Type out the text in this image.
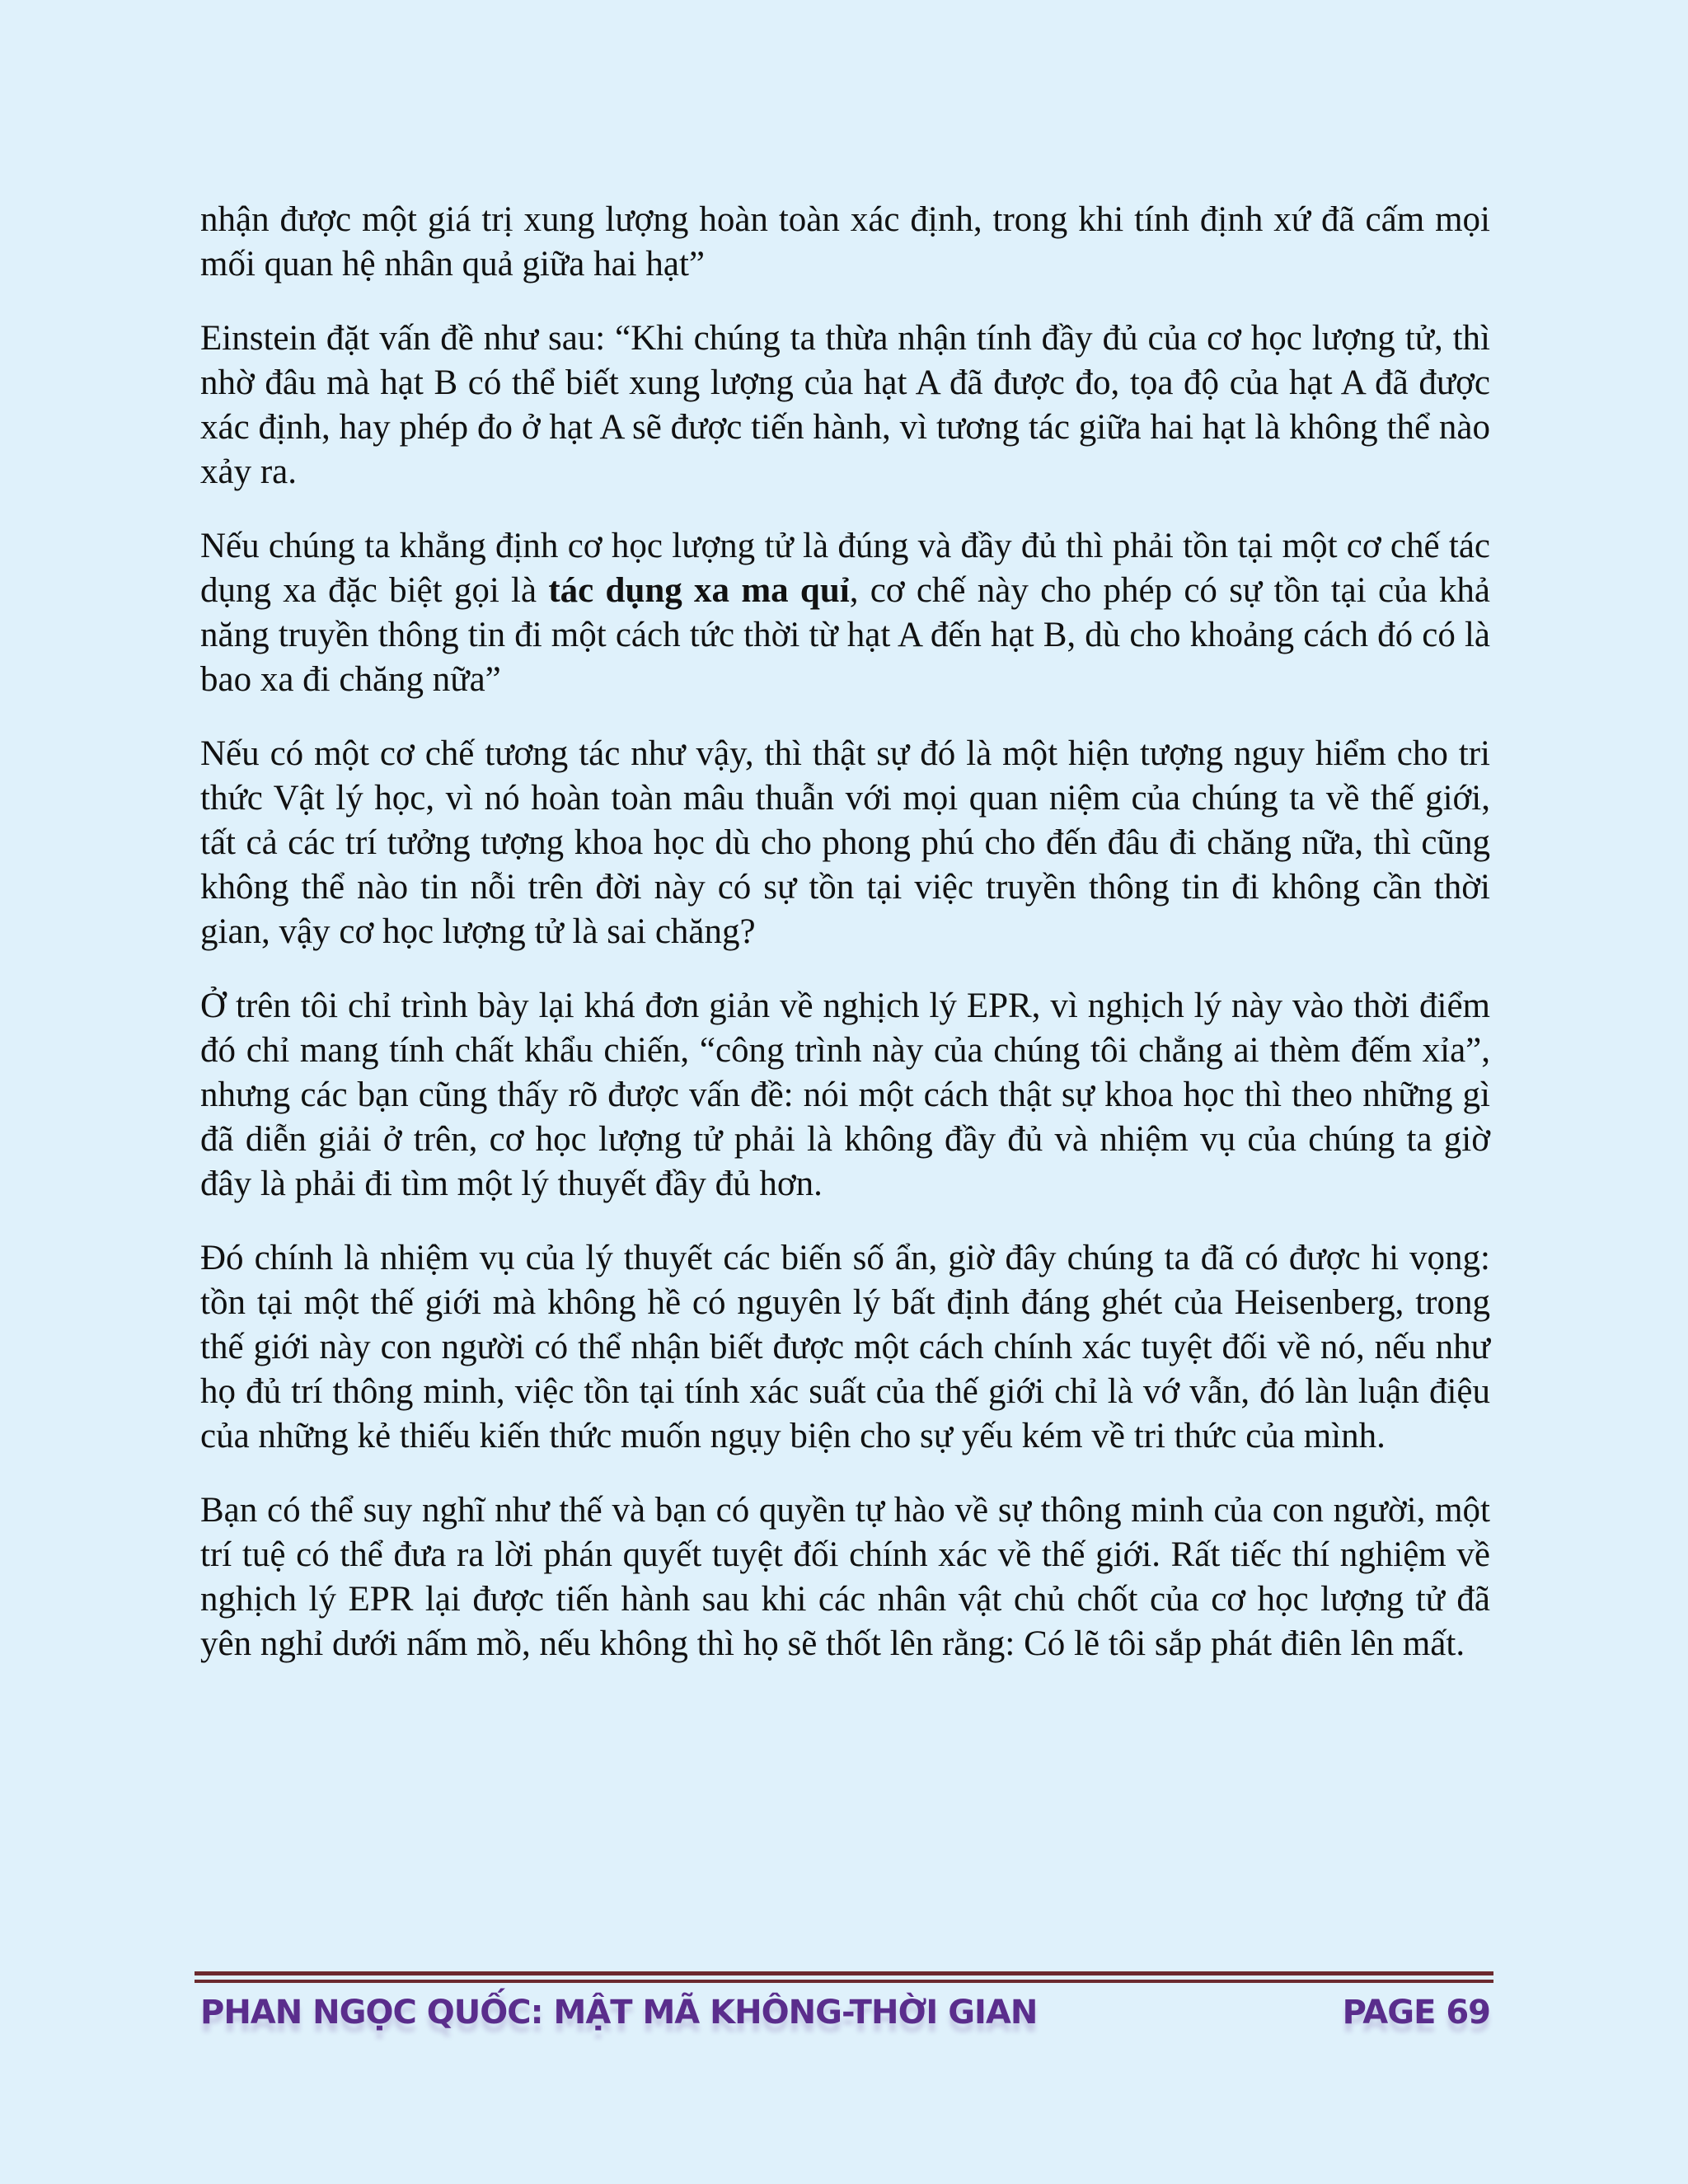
nhận được một giá trị xung lượng hoàn toàn xác định, trong khi tính định xứ đã cấm mọi mối quan hệ nhân quả giữa hai hạt”

Einstein đặt vấn đề như sau: “Khi chúng ta thừa nhận tính đầy đủ của cơ học lượng tử, thì nhờ đâu mà hạt B có thể biết xung lượng của hạt A đã được đo, tọa độ của hạt A đã được xác định, hay phép đo ở hạt A sẽ được tiến hành, vì tương tác giữa hai hạt là không thể nào xảy ra.

Nếu chúng ta khẳng định cơ học lượng tử là đúng và đầy đủ thì phải tồn tại một cơ chế tác dụng xa đặc biệt gọi là tác dụng xa ma quỉ, cơ chế này cho phép có sự tồn tại của khả năng truyền thông tin đi một cách tức thời từ hạt A đến hạt B, dù cho khoảng cách đó có là bao xa đi chăng nữa”

Nếu có một cơ chế tương tác như vậy, thì thật sự đó là một hiện tượng nguy hiểm cho tri thức Vật lý học, vì nó hoàn toàn mâu thuẫn với mọi quan niệm của chúng ta về thế giới, tất cả các trí tưởng tượng khoa học dù cho phong phú cho đến đâu đi chăng nữa, thì cũng không thể nào tin nỗi trên đời này có sự tồn tại việc truyền thông tin đi không cần thời gian, vậy cơ học lượng tử là sai chăng?

Ở trên tôi chỉ trình bày lại khá đơn giản về nghịch lý EPR, vì nghịch lý này vào thời điểm đó chỉ mang tính chất khẩu chiến, “công trình này của chúng tôi chẳng ai thèm đếm xỉa”, nhưng các bạn cũng thấy rõ được vấn đề: nói một cách thật sự khoa học thì theo những gì đã diễn giải ở trên, cơ học lượng tử phải là không đầy đủ và nhiệm vụ của chúng ta giờ đây là phải đi tìm một lý thuyết đầy đủ hơn.

Đó chính là nhiệm vụ của lý thuyết các biến số ẩn, giờ đây chúng ta đã có được hi vọng: tồn tại một thế giới mà không hề có nguyên lý bất định đáng ghét của Heisenberg, trong thế giới này con người có thể nhận biết được một cách chính xác tuyệt đối về nó, nếu như họ đủ trí thông minh, việc tồn tại tính xác suất của thế giới chỉ là vớ vẫn, đó làn luận điệu của những kẻ thiếu kiến thức muốn ngụy biện cho sự yếu kém về tri thức của mình.

Bạn có thể suy nghĩ như thế và bạn có quyền tự hào về sự thông minh của con người, một trí tuệ có thể đưa ra lời phán quyết tuyệt đối chính xác về thế giới. Rất tiếc thí nghiệm về nghịch lý EPR lại được tiến hành sau khi các nhân vật chủ chốt của cơ học lượng tử đã yên nghỉ dưới nấm mồ, nếu không thì họ sẽ thốt lên rằng: Có lẽ tôi sắp phát điên lên mất.

PHAN NGỌC QUỐC: MẬT MÃ KHÔNG-THỜI GIAN	PAGE 69
